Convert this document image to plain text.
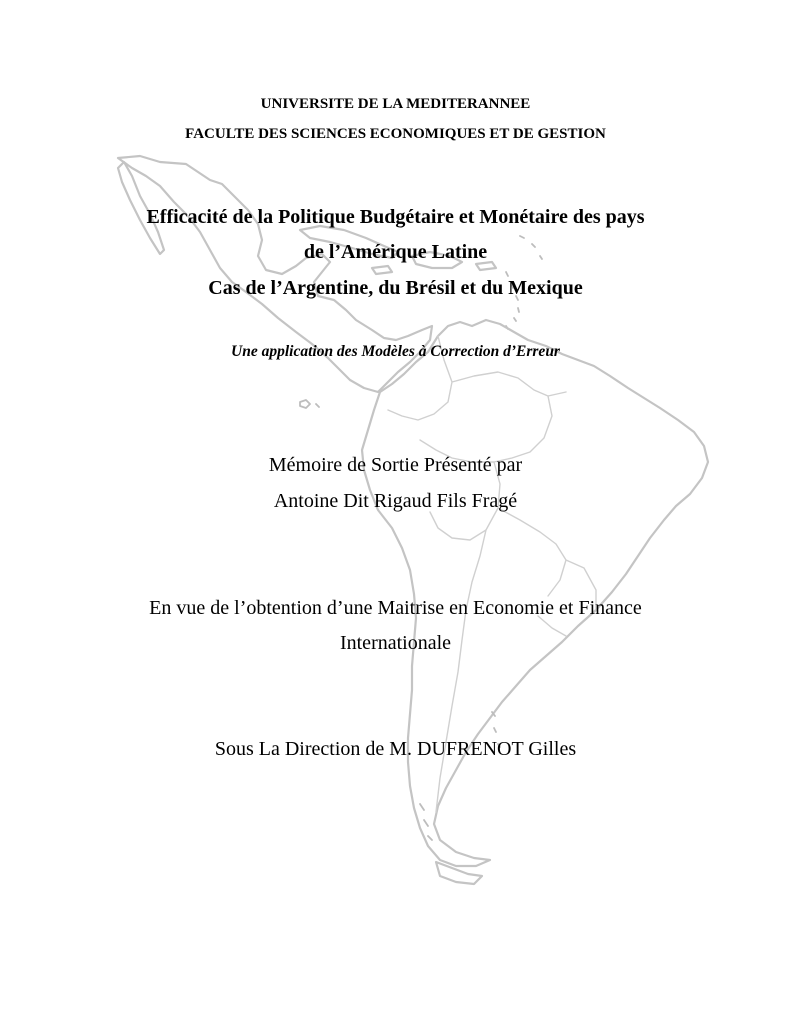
UNIVERSITE DE LA MEDITERANNEE
FACULTE DES SCIENCES ECONOMIQUES ET DE GESTION
Efficacité de la Politique Budgétaire et Monétaire des pays
de l’Amérique Latine
Cas de l’Argentine, du Brésil et du Mexique
Une application des Modèles à Correction d’Erreur
Mémoire de Sortie Présenté par
Antoine Dit Rigaud Fils Fragé
En vue de l’obtention d’une Maitrise en Economie et Finance
Internationale
Sous La Direction de M. DUFRENOT Gilles
